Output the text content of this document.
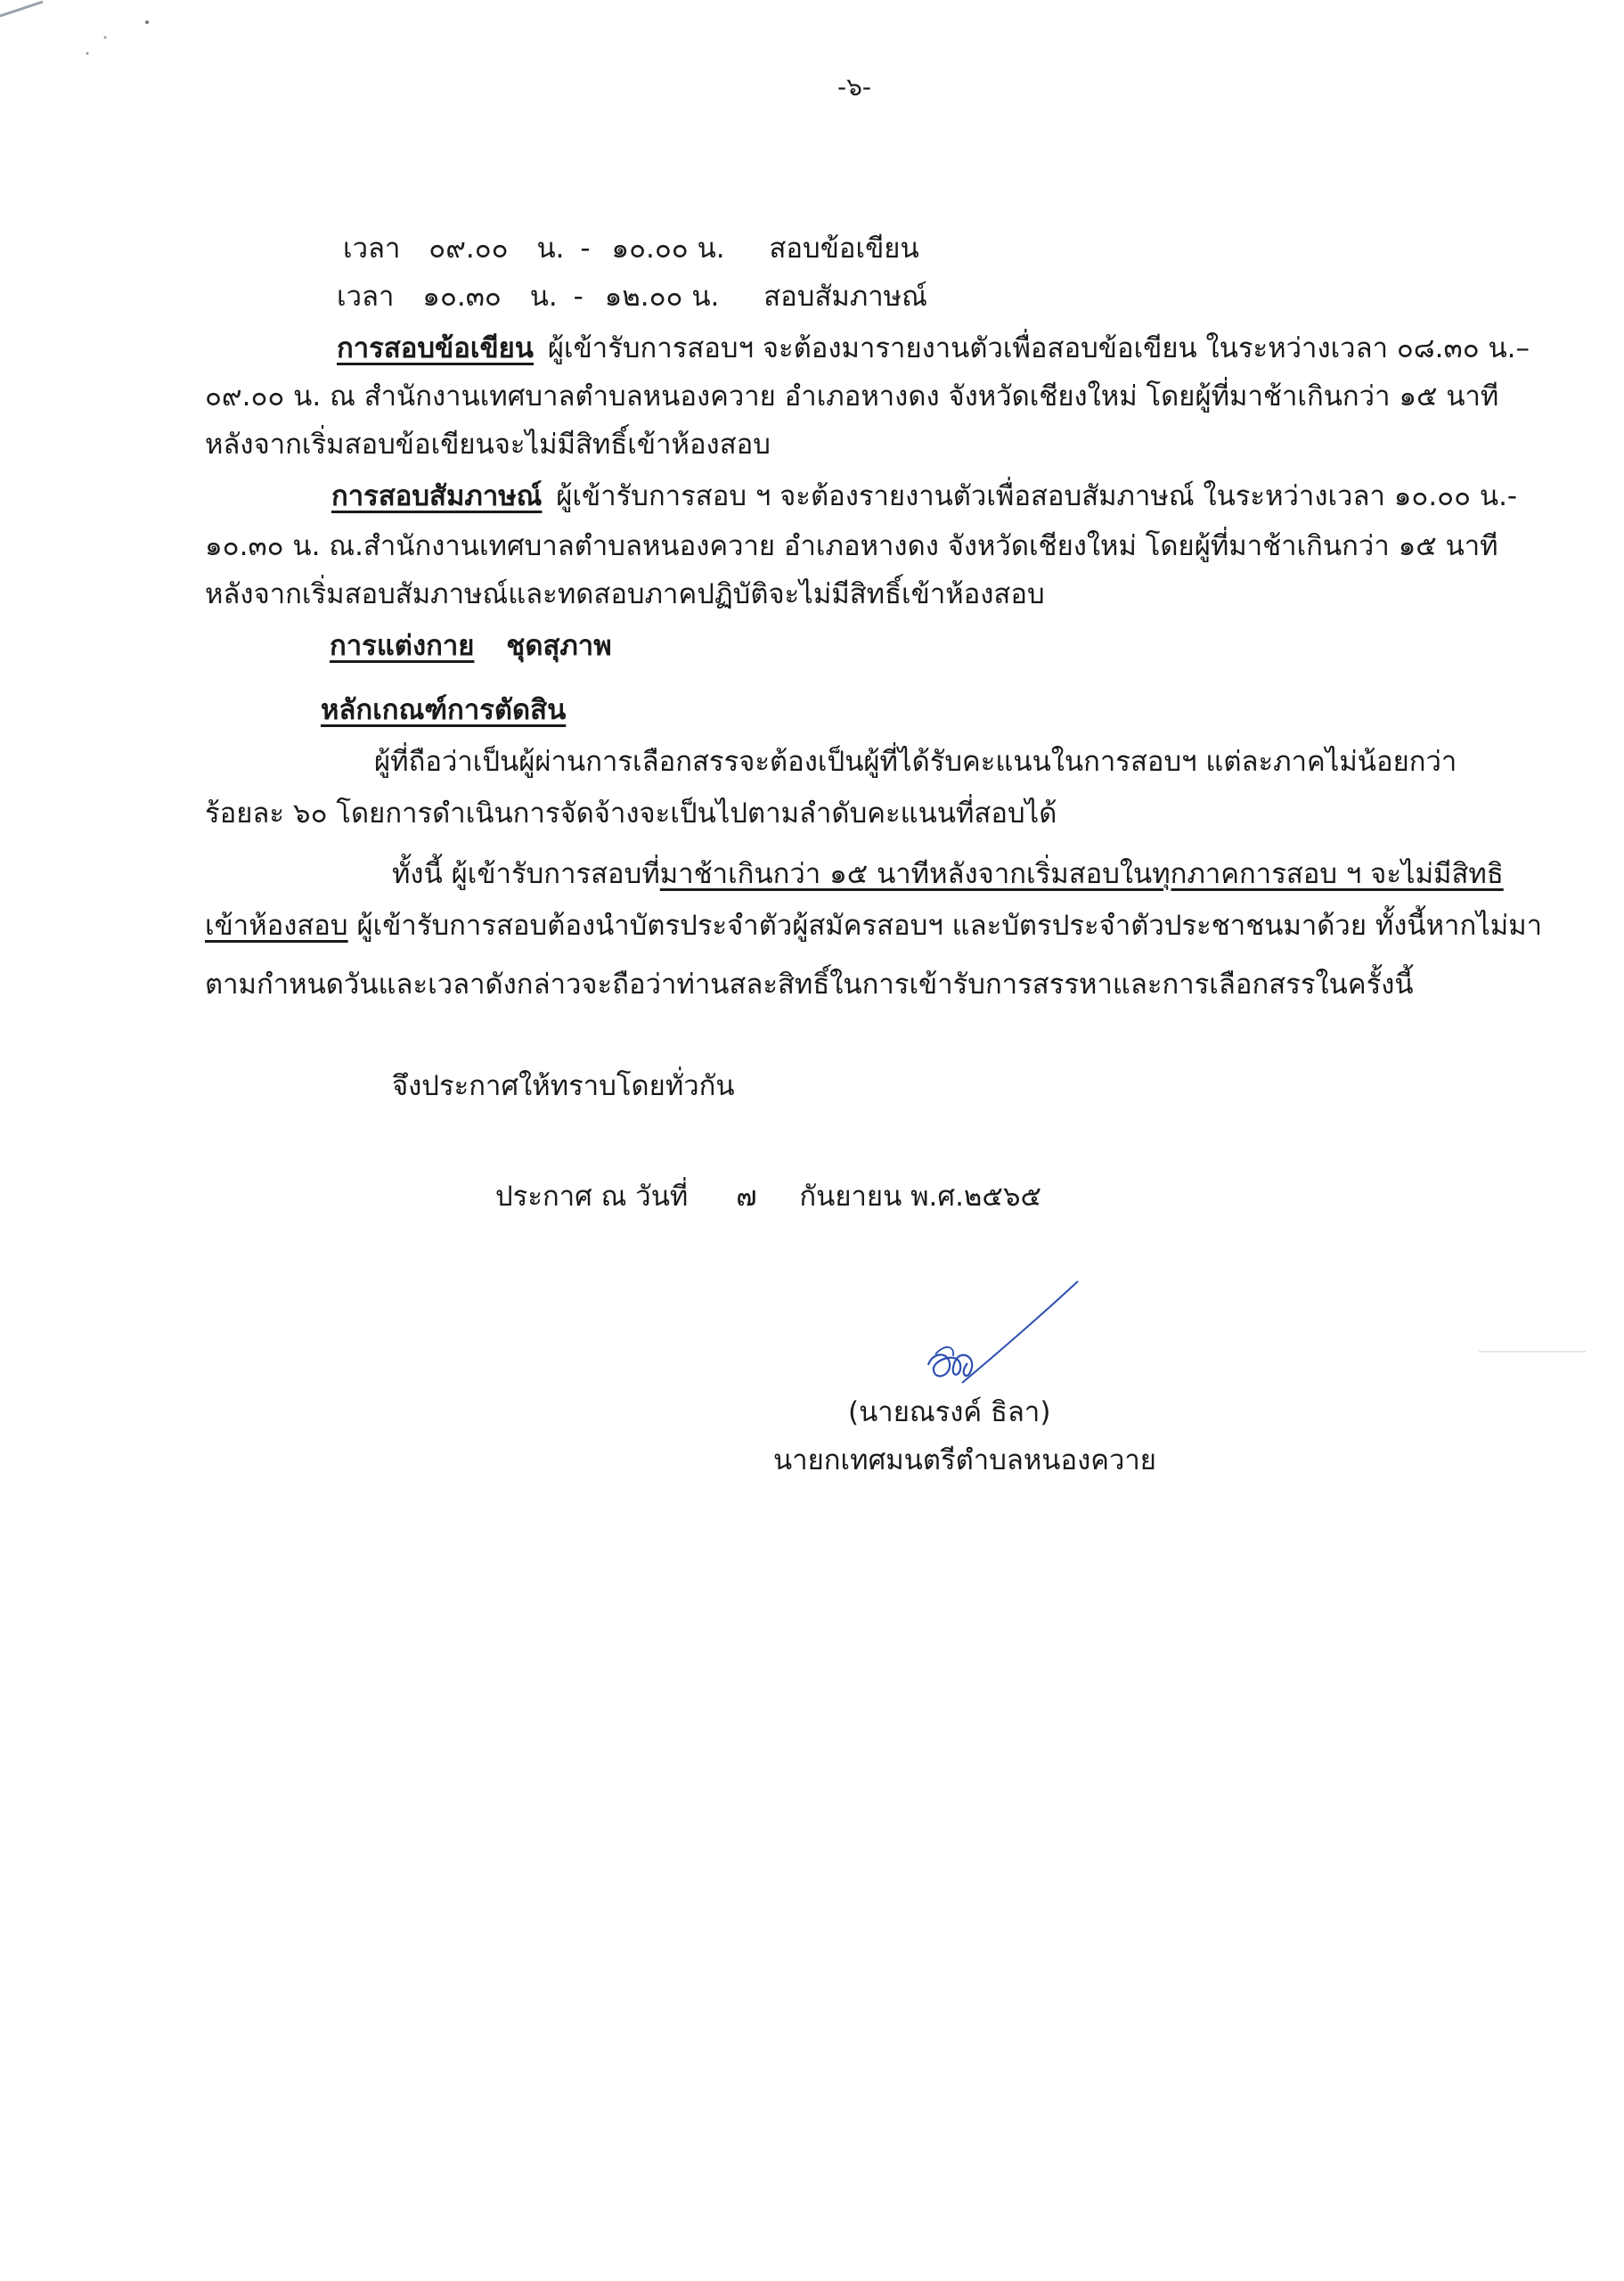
-๖-
เวลา ๐๙.๐๐ น. - ๑๐.๐๐ น. สอบข้อเขียน
เวลา ๑๐.๓๐ น. - ๑๒.๐๐ น. สอบสัมภาษณ์
การสอบข้อเขียน ผู้เข้ารับการสอบฯ จะต้องมารายงานตัวเพื่อสอบข้อเขียน ในระหว่างเวลา ๐๘.๓๐ น.–
๐๙.๐๐ น. ณ สำนักงานเทศบาลตำบลหนองควาย อำเภอหางดง จังหวัดเชียงใหม่ โดยผู้ที่มาช้าเกินกว่า ๑๕ นาที
หลังจากเริ่มสอบข้อเขียนจะไม่มีสิทธิ์เข้าห้องสอบ
การสอบสัมภาษณ์ ผู้เข้ารับการสอบ ฯ จะต้องรายงานตัวเพื่อสอบสัมภาษณ์ ในระหว่างเวลา ๑๐.๐๐ น.-
๑๐.๓๐ น. ณ.สำนักงานเทศบาลตำบลหนองควาย อำเภอหางดง จังหวัดเชียงใหม่ โดยผู้ที่มาช้าเกินกว่า ๑๕ นาที
หลังจากเริ่มสอบสัมภาษณ์และทดสอบภาคปฏิบัติจะไม่มีสิทธิ์เข้าห้องสอบ
การแต่งกาย ชุดสุภาพ
หลักเกณฑ์การตัดสิน
ผู้ที่ถือว่าเป็นผู้ผ่านการเลือกสรรจะต้องเป็นผู้ที่ได้รับคะแนนในการสอบฯ แต่ละภาคไม่น้อยกว่า
ร้อยละ ๖๐ โดยการดำเนินการจัดจ้างจะเป็นไปตามลำดับคะแนนที่สอบได้
ทั้งนี้ ผู้เข้ารับการสอบที่มาช้าเกินกว่า ๑๕ นาทีหลังจากเริ่มสอบในทุกภาคการสอบ ฯ จะไม่มีสิทธิ
เข้าห้องสอบ ผู้เข้ารับการสอบต้องนำบัตรประจำตัวผู้สมัครสอบฯ และบัตรประจำตัวประชาชนมาด้วย ทั้งนี้หากไม่มา
ตามกำหนดวันและเวลาดังกล่าวจะถือว่าท่านสละสิทธิ์ในการเข้ารับการสรรหาและการเลือกสรรในครั้งนี้
จึงประกาศให้ทราบโดยทั่วกัน
ประกาศ ณ วันที่ ๗ กันยายน พ.ศ.๒๕๖๕
(นายณรงค์ ธิลา)
นายกเทศมนตรีตำบลหนองควาย
